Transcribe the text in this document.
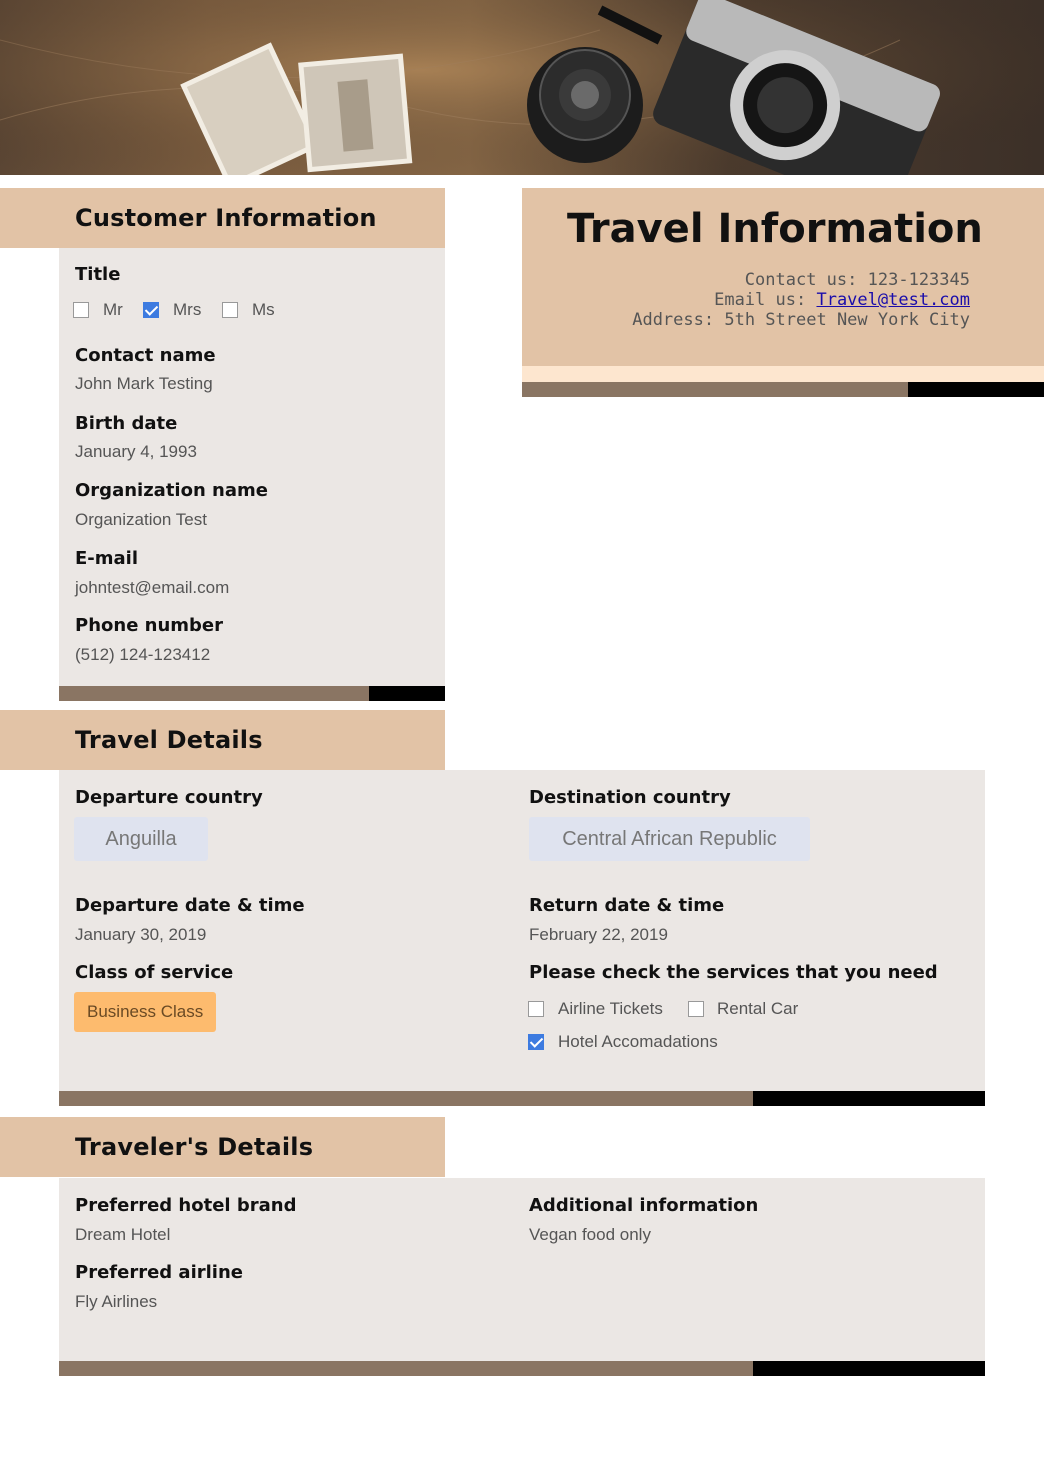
Travel Information
Contact us: 123-123345
Email us: Travel@test.com
Address: 5th Street New York City
Customer Information
Title
Mr	Mrs	Ms
Contact name
John Mark Testing
Birth date
January 4, 1993
Organization name
Organization Test
E-mail
johntest@email.com
Phone number
(512) 124-123412
Travel Details
Departure country
Anguilla
Destination country
Central African Republic
Departure date & time
January 30, 2019
Return date & time
February 22, 2019
Class of service
Business Class
Please check the services that you need
Airline Tickets	Rental Car
Hotel Accomadations
Traveler's Details
Preferred hotel brand
Dream Hotel
Preferred airline
Fly Airlines
Additional information
Vegan food only
